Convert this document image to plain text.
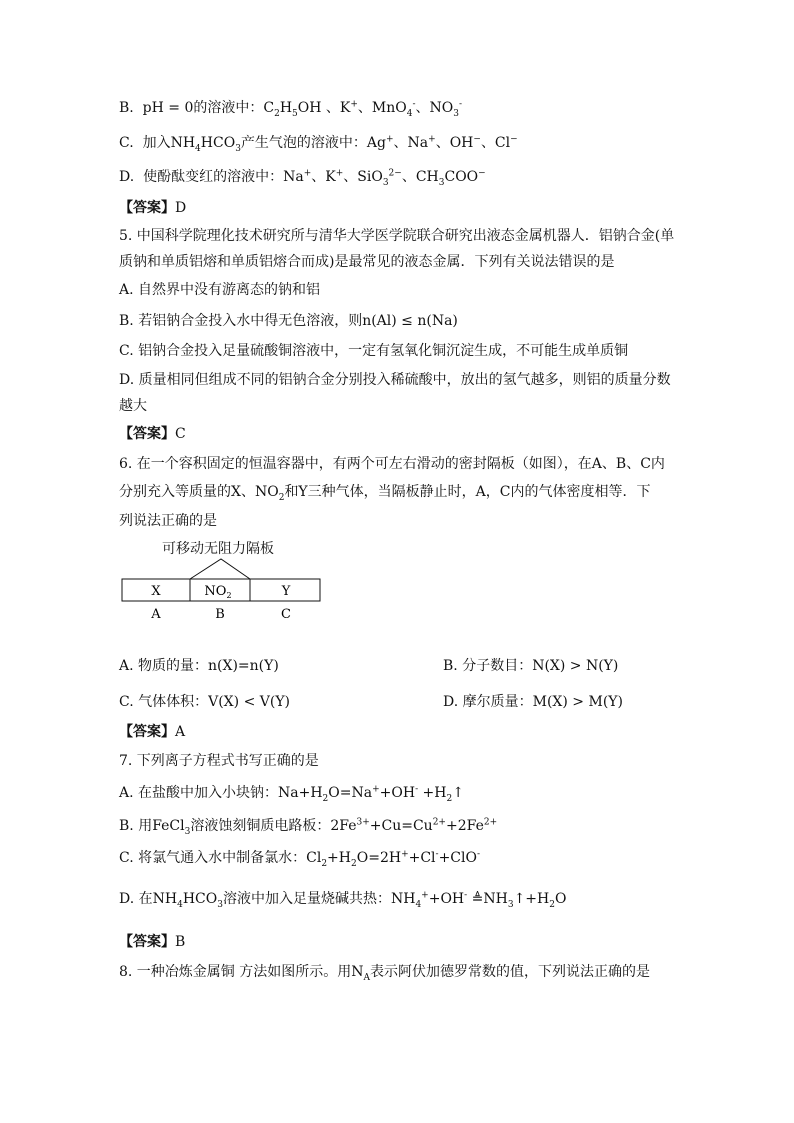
B. pH = 0的溶液中：$C_2H_5OH$ 、K+、MnO$_4$-、$NO_3^-$
C. 加入$NH_4HCO_3$产生气泡的溶液中：Ag+、Na+、OH−、Cl−
D. 使酚酞变红的溶液中：Na+、K+、SiO$_3^{2-}$、$CH_3COO^-$
【答案】D
5. 中国科学院理化技术研究所与清华大学医学院联合研究出液态金属机器人．铝钠合金(单
质钠和单质铝熔和单质铝熔合而成)是最常见的液态金属．下列有关说法错误的是
A. 自然界中没有游离态的钠和铝
B. 若铝钠合金投入水中得无色溶液，则n(Al) ≤ n(Na)
C. 铝钠合金投入足量硫酸铜溶液中，一定有氢氧化铜沉淀生成，不可能生成单质铜
D. 质量相同但组成不同的铝钠合金分别投入稀硫酸中，放出的氢气越多，则铝的质量分数
越大
【答案】C
6. 在一个容积固定的恒温容器中，有两个可左右滑动的密封隔板（如图），在A、B、C内
分别充入等质量的X、$NO_2$和Y三种气体，当隔板静止时，A，C内的气体密度相等．下
列说法正确的是
可移动无阻力隔板
X	$NO_2$	Y
A	B	C
A. 物质的量：n(X)=n(Y)	B. 分子数目：N(X) > N(Y)
C. 气体体积：V(X) < V(Y)	D. 摩尔质量：M(X) > M(Y)
【答案】A
7. 下列离子方程式书写正确的是
A. 在盐酸中加入小块钠：$Na+H_2O=Na^++OH^-$ $+H_2↑$
B. 用FeCl$_3$溶液蚀刻铜质电路板：$2Fe^{3+}+Cu=Cu^{2+}+2Fe^{2+}$
C. 将氯气通入水中制备氯水：$Cl_2+H_2O=2H^++Cl^-+ClO^-$
D. 在$NH_4HCO_3$溶液中加入足量烧碱共热：$NH_4^++OH^-$ $≜NH_3↑+H_2O$
【答案】B
8. 一种冶炼金属铜 方法如图所示。用$N_A$表示阿伏加德罗常数的值，下列说法正确的是
